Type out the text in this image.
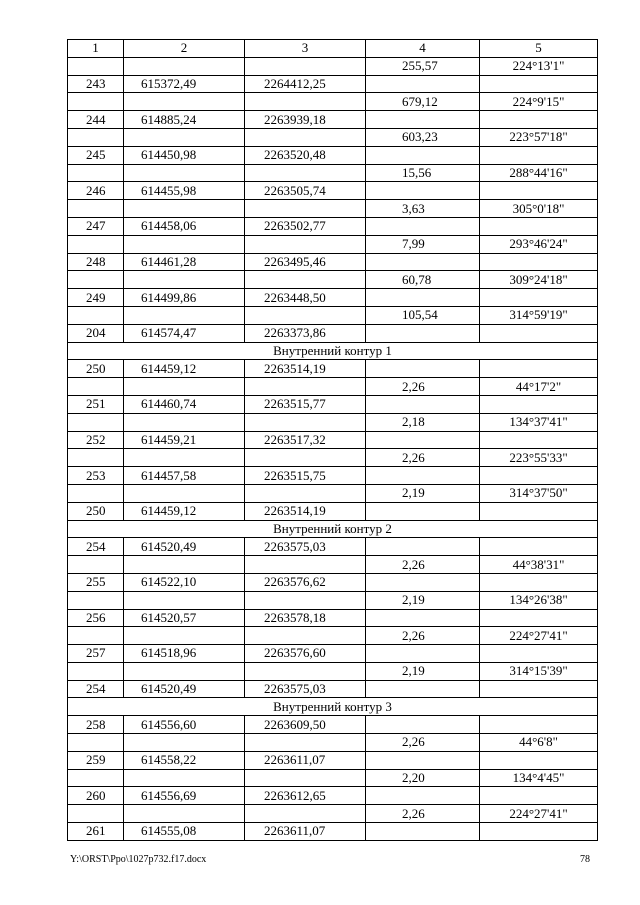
1	2	3	4	5
			255,57	224°13'1"
243	615372,49	2264412,25		
			679,12	224°9'15"
244	614885,24	2263939,18		
			603,23	223°57'18"
245	614450,98	2263520,48		
			15,56	288°44'16"
246	614455,98	2263505,74		
			3,63	305°0'18"
247	614458,06	2263502,77		
			7,99	293°46'24"
248	614461,28	2263495,46		
			60,78	309°24'18"
249	614499,86	2263448,50		
			105,54	314°59'19"
204	614574,47	2263373,86		
Внутренний контур 1				
250	614459,12	2263514,19		
			2,26	44°17'2"
251	614460,74	2263515,77		
			2,18	134°37'41"
252	614459,21	2263517,32		
			2,26	223°55'33"
253	614457,58	2263515,75		
			2,19	314°37'50"
250	614459,12	2263514,19		
Внутренний контур 2				
254	614520,49	2263575,03		
			2,26	44°38'31"
255	614522,10	2263576,62		
			2,19	134°26'38"
256	614520,57	2263578,18		
			2,26	224°27'41"
257	614518,96	2263576,60		
			2,19	314°15'39"
254	614520,49	2263575,03		
Внутренний контур 3				
258	614556,60	2263609,50		
			2,26	44°6'8"
259	614558,22	2263611,07		
			2,20	134°4'45"
260	614556,69	2263612,65		
			2,26	224°27'41"
261	614555,08	2263611,07		
Y:\ORST\Ppo\1027p732.f17.docx	78
